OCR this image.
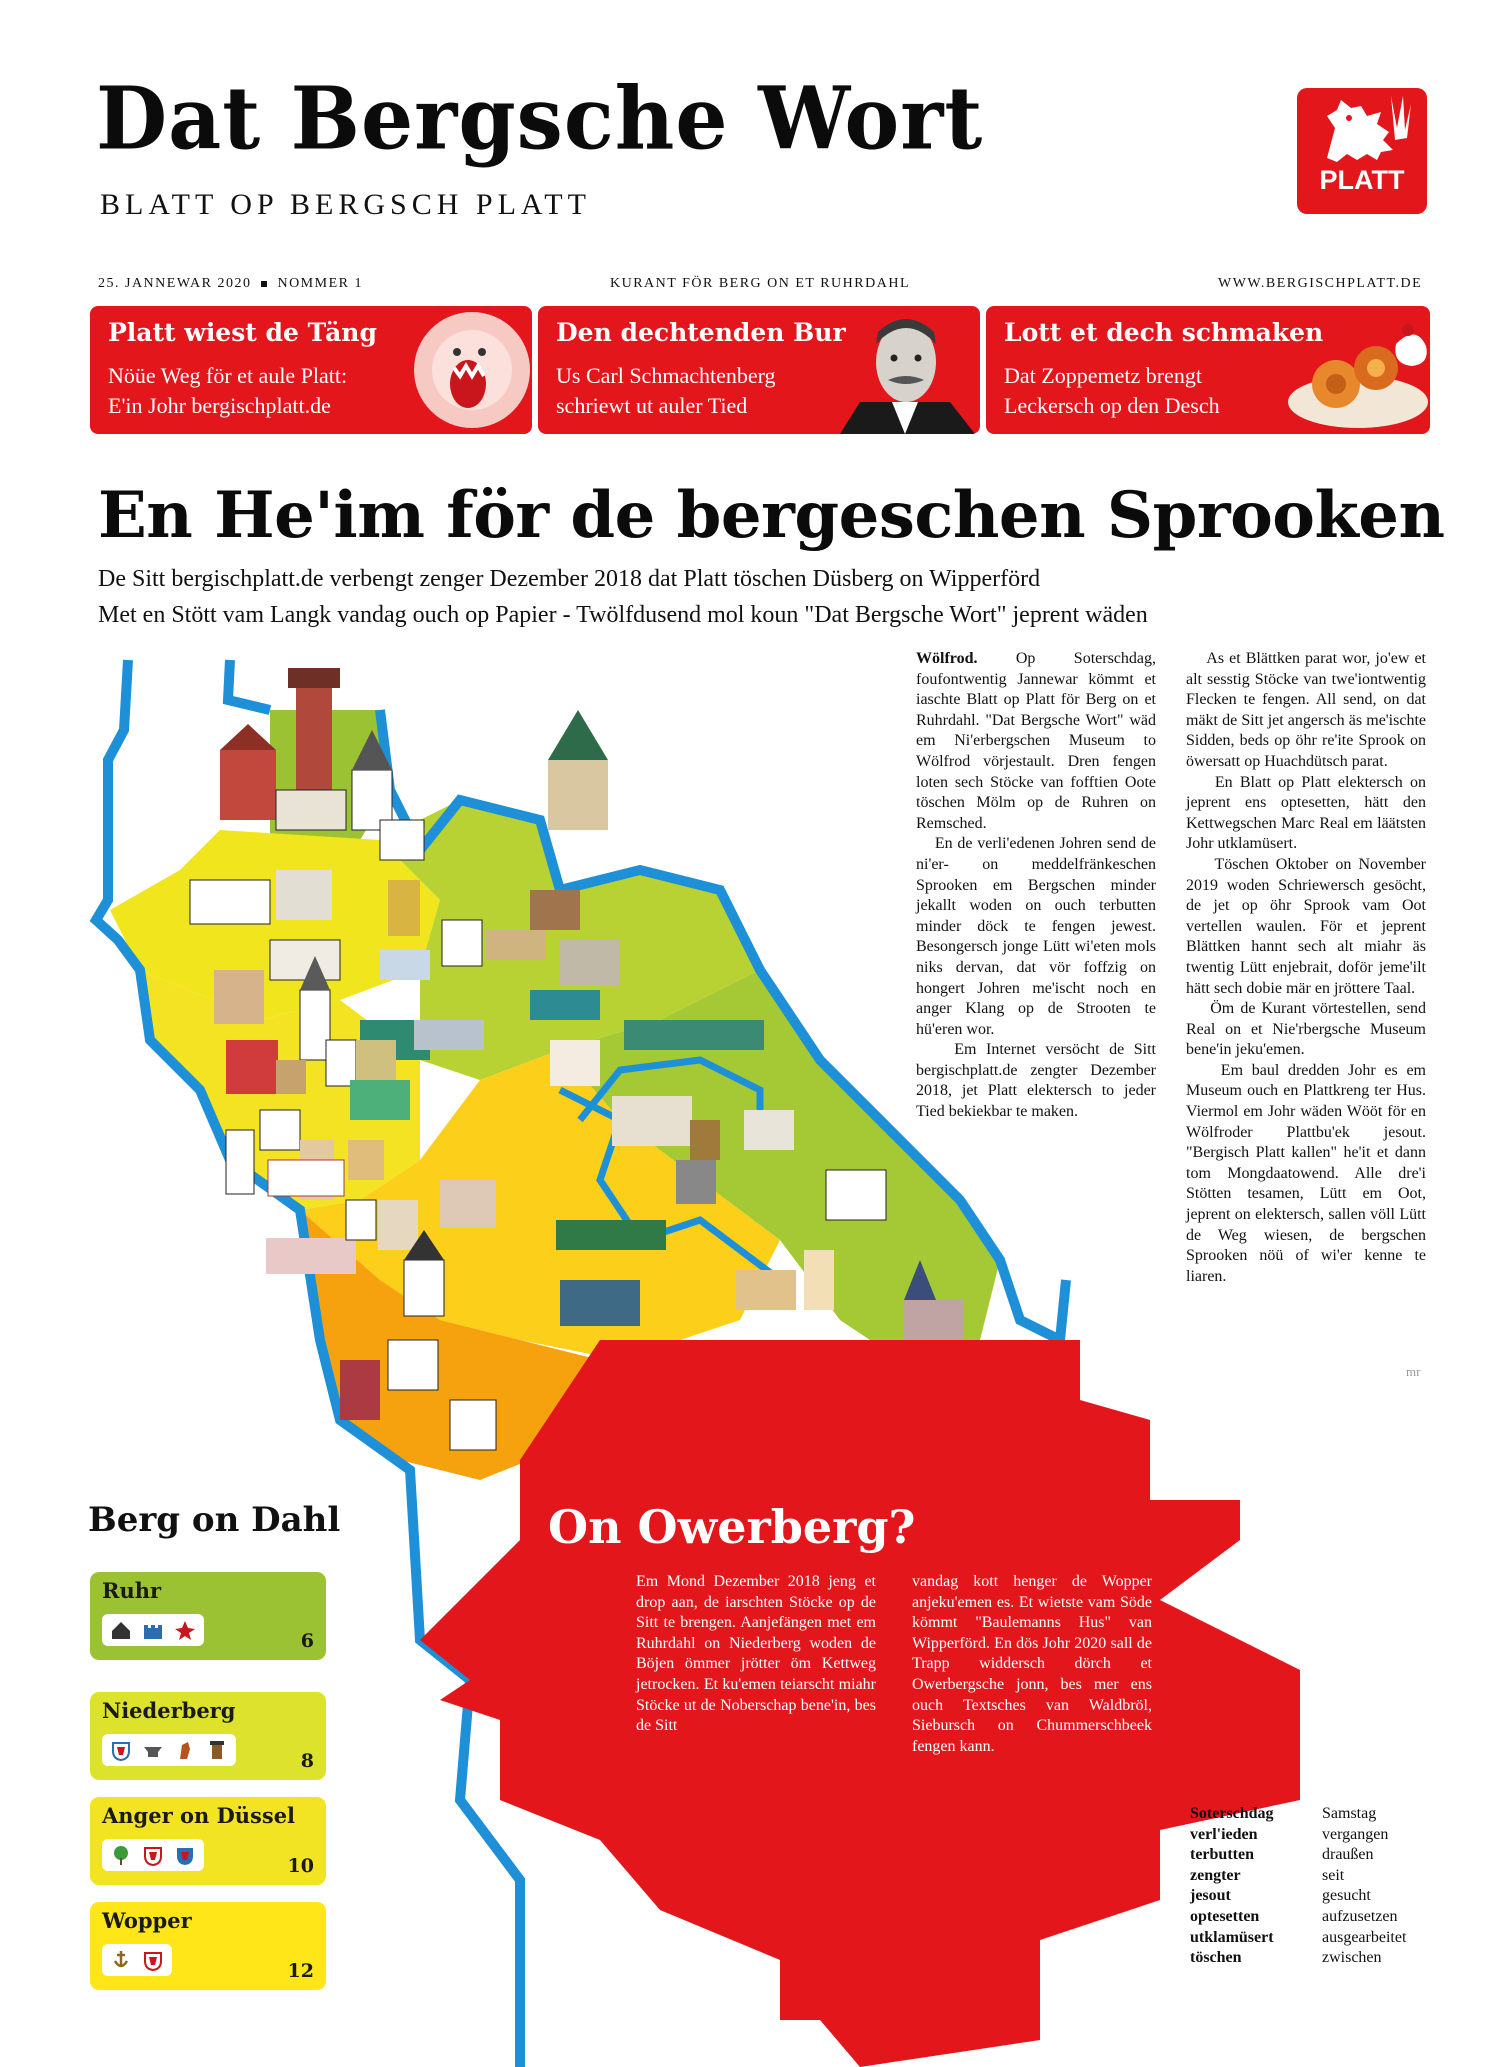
Dat Bergsche Wort
BLATT OP BERGSCH PLATT
PLATT
25. JANNEWAR 2020 NOMMER 1	KURANT FÖR BERG ON ET RUHRDAHL	WWW.BERGISCHPLATT.DE
Platt wiest de Täng

Nöüe Weg för et aule Platt:
E'in Johr bergischplatt.de

Den dechtenden Bur

Us Carl Schmachtenberg
schriewt ut auler Tied

Lott et dech schmaken

Dat Zoppemetz brengt
Leckersch op den Desch

En He'im för de bergeschen Sprooken
De Sitt bergischplatt.de verbengt zenger Dezember 2018 dat Platt töschen Düsberg on Wipperförd
Met en Stött vam Langk vandag ouch op Papier - Twölfdusend mol koun "Dat Bergsche Wort" jeprent wäden
Wölfrod. Op Soterschdag, foufontwentig Jannewar kömmt et iaschte Blatt op Platt för Berg on et Ruhrdahl. "Dat Bergsche Wort" wäd em Ni'erbergschen Museum to Wölfrod vörjestault. Dren fengen loten sech Stöcke van fofftien Oote töschen Mölm op de Ruhren on Remsched.
En de verli'edenen Johren send de ni'er- on meddelfränkeschen Sprooken em Bergschen minder jekallt woden on ouch terbutten minder döck te fengen jewest. Besongersch jonge Lütt wi'eten mols niks dervan, dat vör foffzig on hongert Johren me'ischt noch en anger Klang op de Strooten te hü'eren wor.
Em Internet versöcht de Sitt bergischplatt.de zengter Dezember 2018, jet Platt elektersch to jeder Tied bekiekbar te maken.
As et Blättken parat wor, jo'ew et alt sesstig Stöcke van twe'iontwentig Flecken te fengen. All send, on dat mäkt de Sitt jet angersch äs me'ischte Sidden, beds op öhr re'ite Sprook on öwersatt op Huachdütsch parat.
En Blatt op Platt elektersch on jeprent ens optesetten, hätt den Kettwegschen Marc Real em läätsten Johr utklamüsert.
Töschen Oktober on November 2019 woden Schriewersch gesöcht, de jet op öhr Sprook vam Oot vertellen waulen. För et jeprent Blättken hannt sech alt miahr äs twentig Lütt enjebrait, doför jeme'ilt hätt sech dobie mär en jröttere Taal.
Öm de Kurant vörtestellen, send Real on et Nie'rbergsche Museum bene'in jeku'emen.
Em baul dredden Johr es em Museum ouch en Plattkreng ter Hus. Viermol em Johr wäden Wööt för en Wölfroder Plattbu'ek jesout. "Bergisch Platt kallen" he'it et dann tom Mongdaatowend. Alle dre'i Stötten tesamen, Lütt em Oot, jeprent on elektersch, sallen völl Lütt de Weg wiesen, de bergschen Sprooken nöü of wi'er kenne te liaren.
mr
Berg on Dahl
Ruhr
6
Niederberg
8
Anger on Düssel
10
Wopper
12
On Owerberg?
Em Mond Dezember 2018 jeng et drop aan, de iarschten Stöcke op de Sitt te brengen. Aanjefängen met em Ruhrdahl on Niederberg woden de Böjen ömmer jrötter öm Kettweg jetrocken. Et ku'emen teiarscht miahr Stöcke ut de Noberschap bene'in, bes de Sitt
vandag kott henger de Wopper anjeku'emen es. Et wietste vam Söde kömmt "Baulemanns Hus" van Wipperförd. En dös Johr 2020 sall de Trapp widdersch dörch et Owerbergsche jonn, bes mer ens ouch Textsches van Waldbröl, Siebursch on Chummerschbeek fengen kann.
Soterschdag
verl'ieden
terbutten
zengter
jesout
optesetten
utklamüsert
töschen
Samstag
vergangen
draußen
seit
gesucht
aufzusetzen
ausgearbeitet
zwischen
